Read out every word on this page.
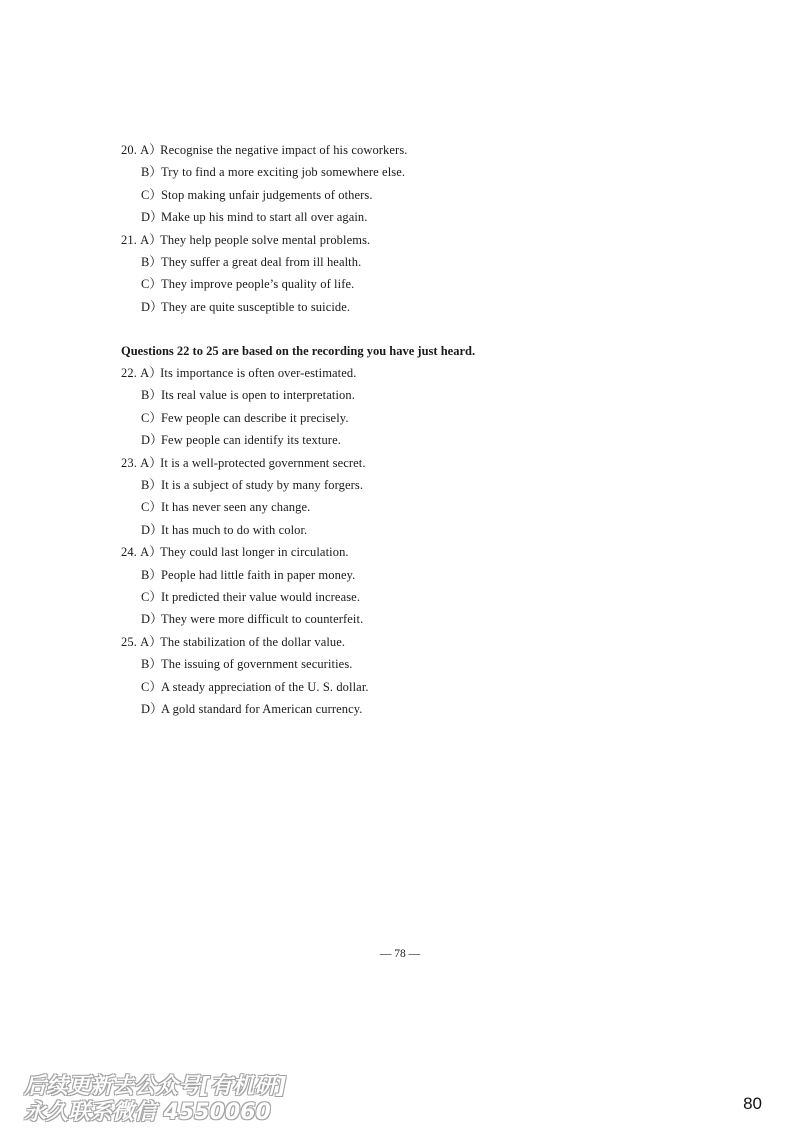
20. A）Recognise the negative impact of his coworkers.
B）Try to find a more exciting job somewhere else.
C）Stop making unfair judgements of others.
D）Make up his mind to start all over again.
21. A）They help people solve mental problems.
B）They suffer a great deal from ill health.
C）They improve people’s quality of life.
D）They are quite susceptible to suicide.
Questions 22 to 25 are based on the recording you have just heard.
22. A）Its importance is often over-estimated.
B）Its real value is open to interpretation.
C）Few people can describe it precisely.
D）Few people can identify its texture.
23. A）It is a well-protected government secret.
B）It is a subject of study by many forgers.
C）It has never seen any change.
D）It has much to do with color.
24. A）They could last longer in circulation.
B）People had little faith in paper money.
C）It predicted their value would increase.
D）They were more difficult to counterfeit.
25. A）The stabilization of the dollar value.
B）The issuing of government securities.
C）A steady appreciation of the U. S. dollar.
D）A gold standard for American currency.
— 78 —
80
后续更新去公众号[有机研]
永久联系微信 4550060
